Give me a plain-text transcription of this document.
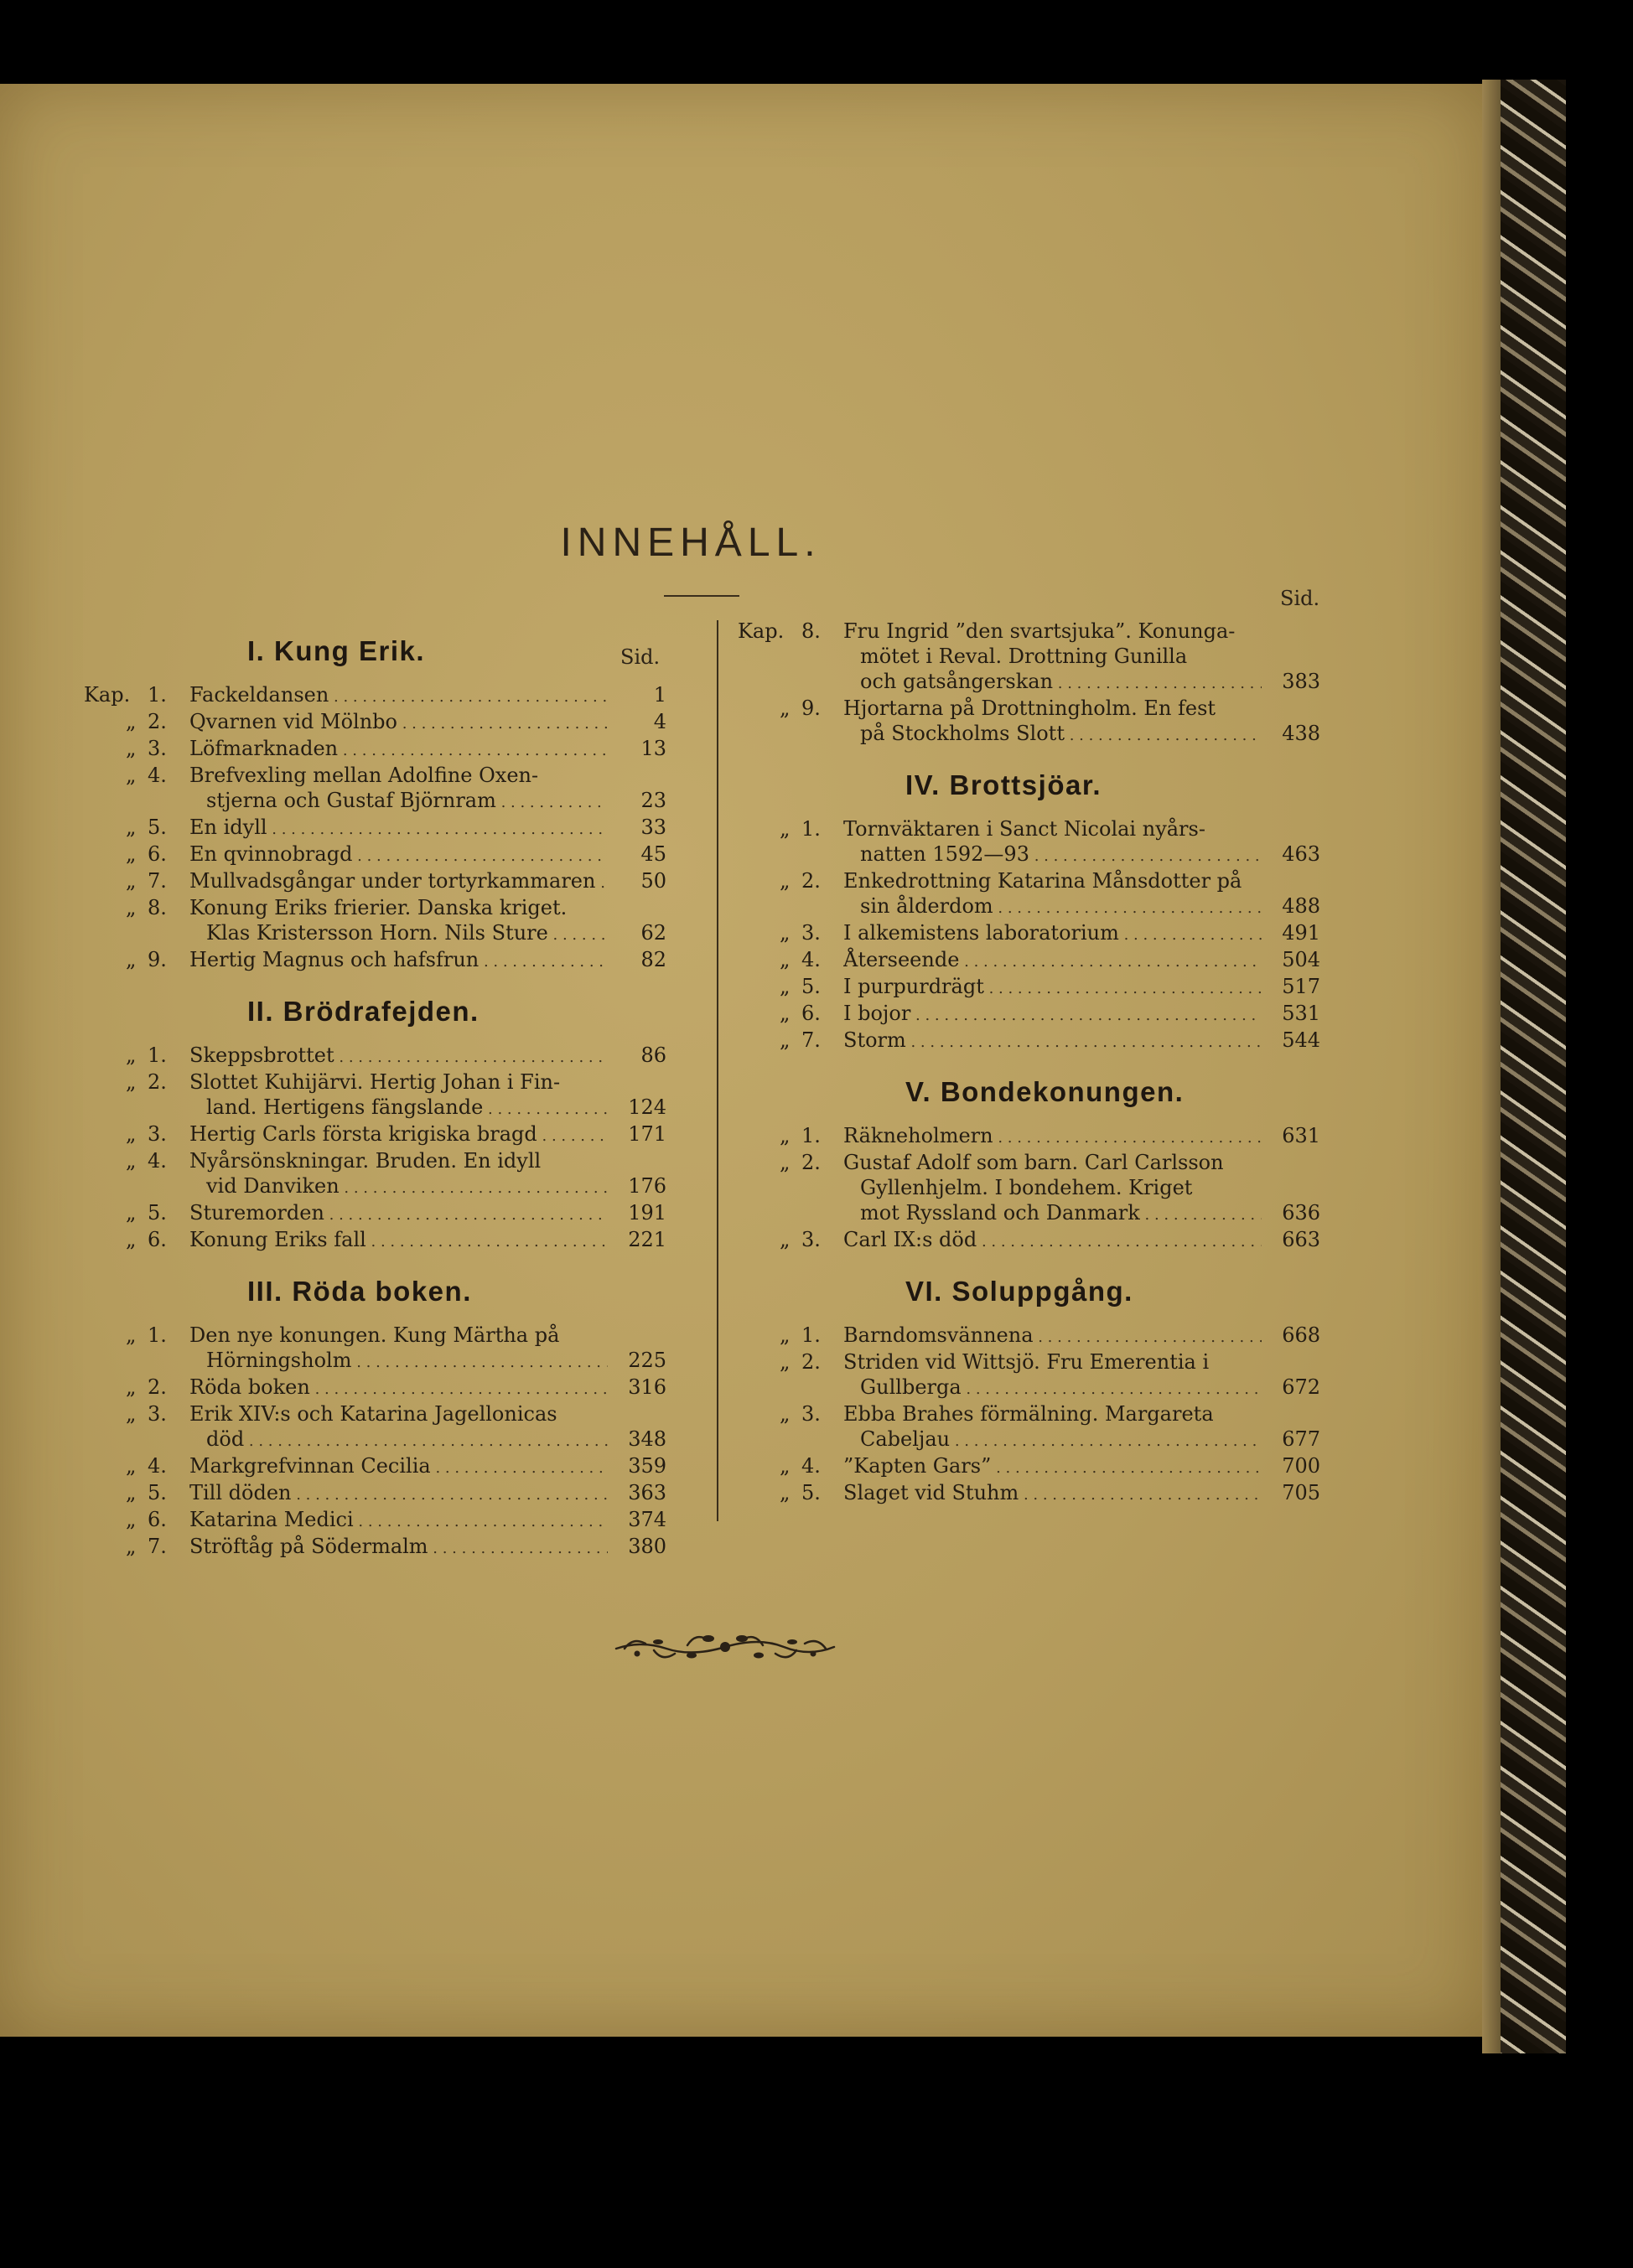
INNEHÅLL.
I. Kung Erik.	Sid.
Kap. 1. Fackeldansen . . .	1
„ 2. Qvarnen vid Mölnbo . . .	4
„ 3. Löfmarknaden . . .	13
„ 4. Brefvexling mellan Adolfine Oxen-
stjerna och Gustaf Björnram . . .	23
„ 5. En idyll . . .	33
„ 6. En qvinnobragd . . .	45
„ 7. Mullvadsgångar under tortyrkammaren . . .	50
„ 8. Konung Eriks frierier. Danska kriget.
Klas Kristersson Horn. Nils Sture . . .	62
„ 9. Hertig Magnus och hafsfrun . . .	82
II. Brödrafejden.
„ 1. Skeppsbrottet . . .	86
„ 2. Slottet Kuhijärvi. Hertig Johan i Fin-
land. Hertigens fängslande . . .	124
„ 3. Hertig Carls första krigiska bragd . . .	171
„ 4. Nyårsönskningar. Bruden. En idyll
vid Danviken . . .	176
„ 5. Sturemorden . . .	191
„ 6. Konung Eriks fall . . .	221
III. Röda boken.
„ 1. Den nye konungen. Kung Märtha på
Hörningsholm . . .	225
„ 2. Röda boken . . .	316
„ 3. Erik XIV:s och Katarina Jagellonicas
död . . .	348
„ 4. Markgrefvinnan Cecilia . . .	359
„ 5. Till döden . . .	363
„ 6. Katarina Medici . . .	374
„ 7. Ströftåg på Södermalm . . .	380
Kap. 8. Fru Ingrid ”den svartsjuka”. Konunga-
mötet i Reval. Drottning Gunilla
och gatsångerskan . . .	383
„ 9. Hjortarna på Drottningholm. En fest
på Stockholms Slott . . .	438
IV. Brottsjöar.
„ 1. Tornväktaren i Sanct Nicolai nyårs-
natten 1592—93 . . .	463
„ 2. Enkedrottning Katarina Månsdotter på
sin ålderdom . . .	488
„ 3. I alkemistens laboratorium . . .	491
„ 4. Återseende . . .	504
„ 5. I purpurdrägt . . .	517
„ 6. I bojor . . .	531
„ 7. Storm . . .	544
V. Bondekonungen.
„ 1. Räkneholmern . . .	631
„ 2. Gustaf Adolf som barn. Carl Carlsson
Gyllenhjelm. I bondehem. Kriget
mot Ryssland och Danmark . . .	636
„ 3. Carl IX:s död . . .	663
VI. Soluppgång.
„ 1. Barndomsvännena . . .	668
„ 2. Striden vid Wittsjö. Fru Emerentia i
Gullberga . . .	672
„ 3. Ebba Brahes förmälning. Margareta
Cabeljau . . .	677
„ 4. ”Kapten Gars” . . .	700
„ 5. Slaget vid Stuhm . . .	705
Sid.
